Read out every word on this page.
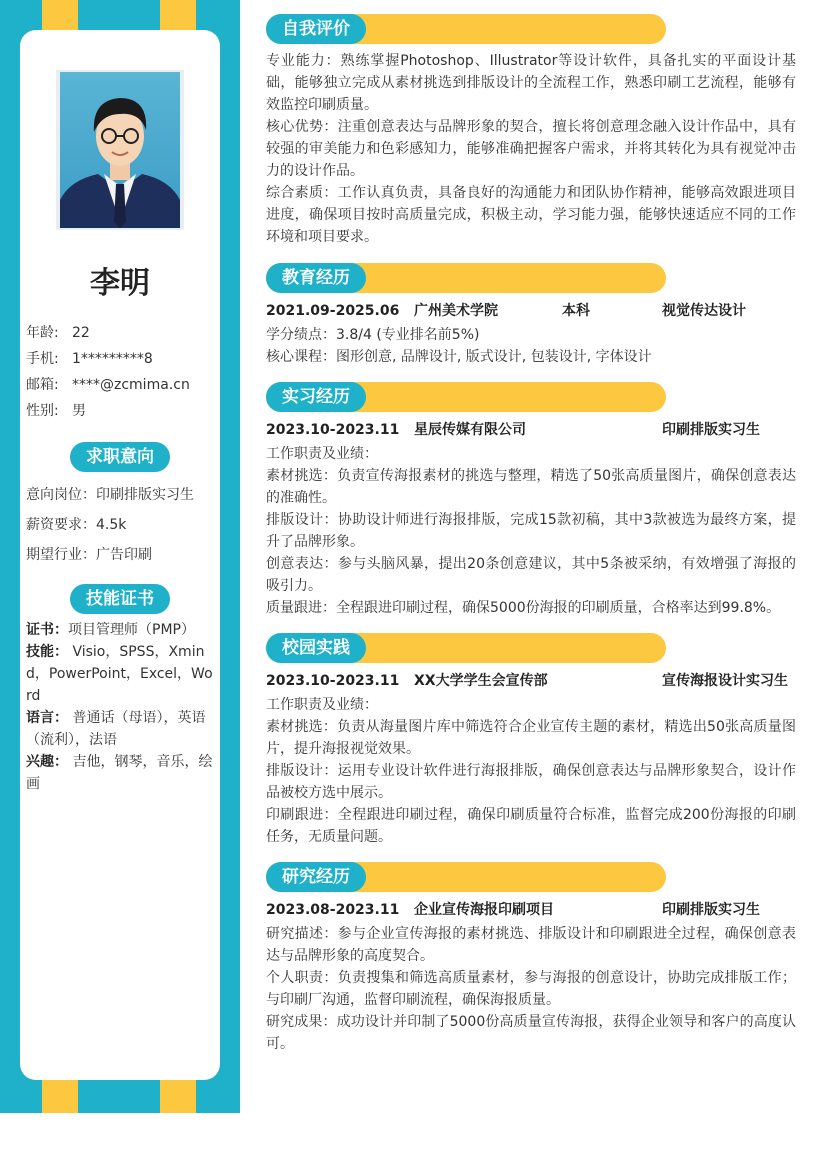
李明
年龄: 22
手机: 1*********8
邮箱: ****@zcmima.cn
性别: 男
求职意向
意向岗位：印刷排版实习生
薪资要求：4.5k
期望行业：广告印刷
技能证书
证书：项目管理师（PMP）
技能： Visio，SPSS，Xmind，PowerPoint，Excel，Word
语言： 普通话（母语），英语（流利），法语
兴趣： 吉他，钢琴，音乐，绘画
自我评价

专业能力：熟练掌握Photoshop、Illustrator等设计软件，具备扎实的平面设计基础，能够独立完成从素材挑选到排版设计的全流程工作，熟悉印刷工艺流程，能够有效监控印刷质量。

核心优势：注重创意表达与品牌形象的契合，擅长将创意理念融入设计作品中，具有较强的审美能力和色彩感知力，能够准确把握客户需求，并将其转化为具有视觉冲击力的设计作品。

综合素质：工作认真负责，具备良好的沟通能力和团队协作精神，能够高效跟进项目进度，确保项目按时高质量完成，积极主动，学习能力强，能够快速适应不同的工作环境和项目要求。

教育经历
2021.09-2025.06 广州美术学院	本科	视觉传达设计

学分绩点：3.8/4 (专业排名前5%)

核心课程：图形创意, 品牌设计, 版式设计, 包装设计, 字体设计

实习经历
2023.10-2023.11 星辰传媒有限公司	印刷排版实习生

工作职责及业绩：

素材挑选：负责宣传海报素材的挑选与整理，精选了50张高质量图片，确保创意表达的准确性。

排版设计：协助设计师进行海报排版，完成15款初稿，其中3款被选为最终方案，提升了品牌形象。

创意表达：参与头脑风暴，提出20条创意建议，其中5条被采纳，有效增强了海报的吸引力。

质量跟进：全程跟进印刷过程，确保5000份海报的印刷质量，合格率达到99.8%。

校园实践
2023.10-2023.11 XX大学学生会宣传部	宣传海报设计实习生

工作职责及业绩：

素材挑选：负责从海量图片库中筛选符合企业宣传主题的素材，精选出50张高质量图片，提升海报视觉效果。

排版设计：运用专业设计软件进行海报排版，确保创意表达与品牌形象契合，设计作品被校方选中展示。

印刷跟进：全程跟进印刷过程，确保印刷质量符合标准，监督完成200份海报的印刷任务，无质量问题。

研究经历
2023.08-2023.11 企业宣传海报印刷项目	印刷排版实习生

研究描述：参与企业宣传海报的素材挑选、排版设计和印刷跟进全过程，确保创意表达与品牌形象的高度契合。

个人职责：负责搜集和筛选高质量素材，参与海报的创意设计，协助完成排版工作；与印刷厂沟通，监督印刷流程，确保海报质量。

研究成果：成功设计并印制了5000份高质量宣传海报，获得企业领导和客户的高度认可。
